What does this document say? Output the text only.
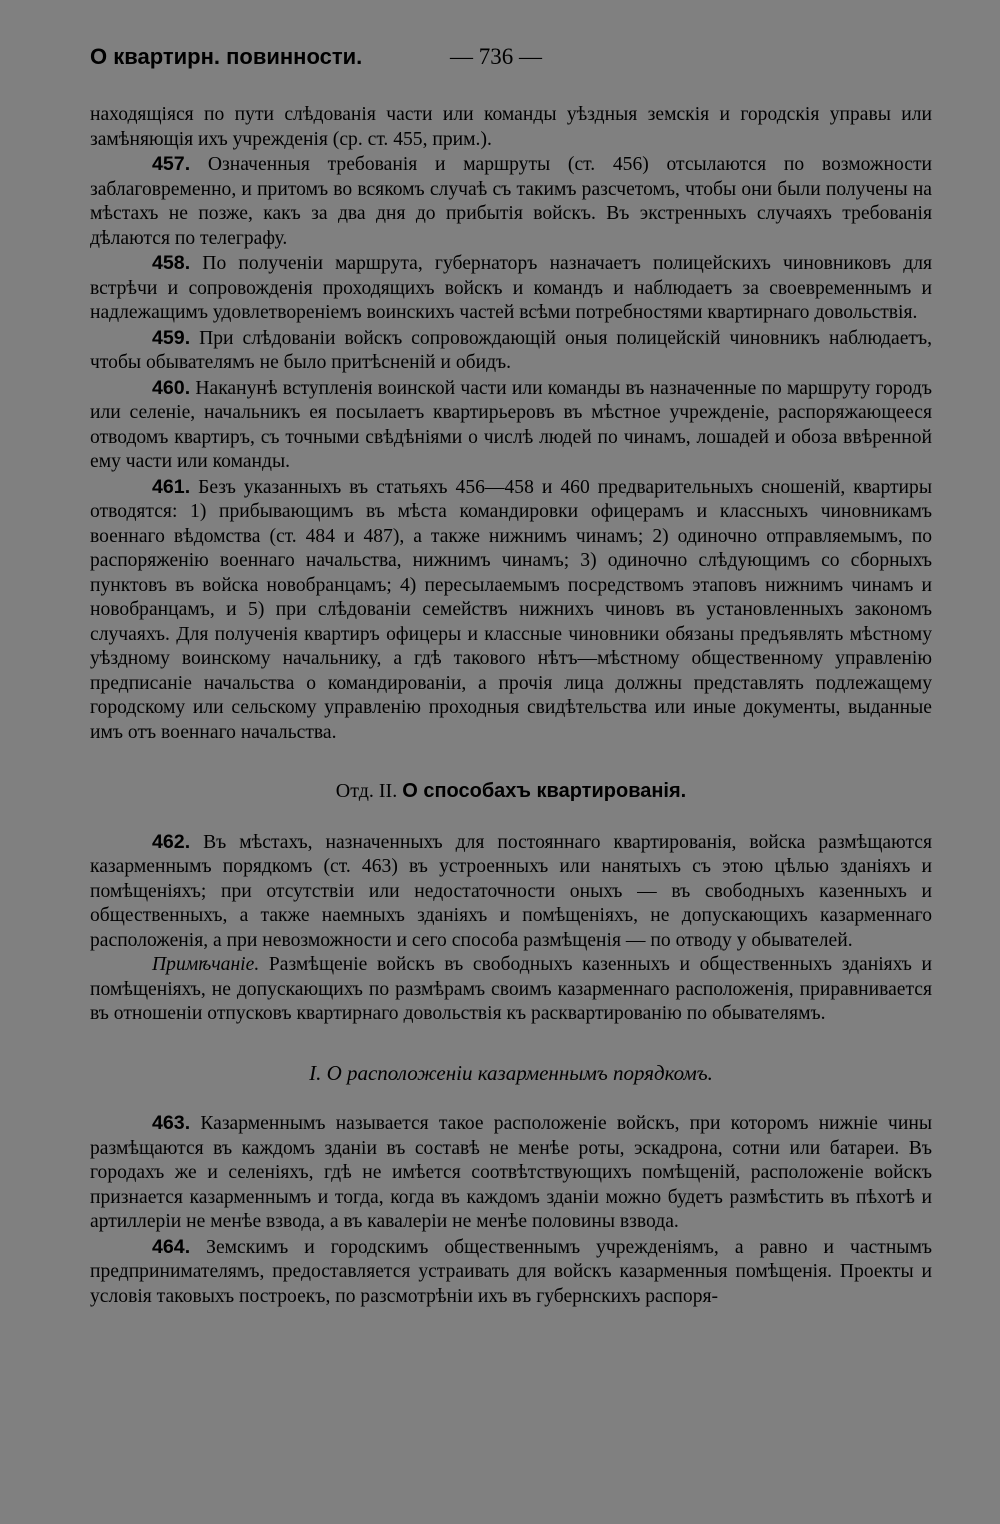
О квартирн. повинности.	— 736 —

находящіяся по пути слѣдованія части или команды уѣздныя земскія и городскія управы или замѣняющія ихъ учрежденія (ср. ст. 455, прим.).

457. Означенныя требованія и маршруты (ст. 456) отсылаются по возможности заблаговременно, и притомъ во всякомъ случаѣ съ такимъ разсчетомъ, чтобы они были получены на мѣстахъ не позже, какъ за два дня до прибытія войскъ. Въ экстренныхъ случаяхъ требованія дѣлаются по телеграфу.

458. По полученіи маршрута, губернаторъ назначаетъ полицейскихъ чиновниковъ для встрѣчи и сопровожденія проходящихъ войскъ и командъ и наблюдаетъ за своевременнымъ и надлежащимъ удовлетвореніемъ воинскихъ частей всѣми потребностями квартирнаго довольствія.

459. При слѣдованіи войскъ сопровождающій оныя полицейскій чиновникъ наблюдаетъ, чтобы обывателямъ не было притѣсненій и обидъ.

460. Наканунѣ вступленія воинской части или команды въ назначенные по маршруту городъ или селеніе, начальникъ ея посылаетъ квартирьеровъ въ мѣстное учрежденіе, распоряжающееся отводомъ квартиръ, съ точными свѣдѣніями о числѣ людей по чинамъ, лошадей и обоза ввѣренной ему части или команды.

461. Безъ указанныхъ въ статьяхъ 456—458 и 460 предварительныхъ сношеній, квартиры отводятся: 1) прибывающимъ въ мѣста командировки офицерамъ и классныхъ чиновникамъ военнаго вѣдомства (ст. 484 и 487), а также нижнимъ чинамъ; 2) одиночно отправляемымъ, по распоряженію военнаго начальства, нижнимъ чинамъ; 3) одиночно слѣдующимъ со сборныхъ пунктовъ въ войска новобранцамъ; 4) пересылаемымъ посредствомъ этаповъ нижнимъ чинамъ и новобранцамъ, и 5) при слѣдованіи семействъ нижнихъ чиновъ въ установленныхъ закономъ случаяхъ. Для полученія квартиръ офицеры и классные чиновники обязаны предъявлять мѣстному уѣздному воинскому начальнику, а гдѣ такового нѣтъ—мѣстному общественному управленію предписаніе начальства о командированіи, а прочія лица должны представлять подлежащему городскому или сельскому управленію проходныя свидѣтельства или иные документы, выданные имъ отъ военнаго начальства.

Отд. II. О способахъ квартированія.

462. Въ мѣстахъ, назначенныхъ для постояннаго квартированія, войска размѣщаются казарменнымъ порядкомъ (ст. 463) въ устроенныхъ или нанятыхъ съ этою цѣлью зданіяхъ и помѣщеніяхъ; при отсутствіи или недостаточности оныхъ — въ свободныхъ казенныхъ и общественныхъ, а также наемныхъ зданіяхъ и помѣщеніяхъ, не допускающихъ казарменнаго расположенія, а при невозможности и сего способа размѣщенія — по отводу у обывателей.

Примѣчаніе. Размѣщеніе войскъ въ свободныхъ казенныхъ и общественныхъ зданіяхъ и помѣщеніяхъ, не допускающихъ по размѣрамъ своимъ казарменнаго расположенія, приравнивается въ отношеніи отпусковъ квартирнаго довольствія къ расквартированію по обывателямъ.

I. О расположеніи казарменнымъ порядкомъ.

463. Казарменнымъ называется такое расположеніе войскъ, при которомъ нижніе чины размѣщаются въ каждомъ зданіи въ составѣ не менѣе роты, эскадрона, сотни или батареи. Въ городахъ же и селеніяхъ, гдѣ не имѣется соотвѣтствующихъ помѣщеній, расположеніе войскъ признается казарменнымъ и тогда, когда въ каждомъ зданіи можно будетъ размѣстить въ пѣхотѣ и артиллеріи не менѣе взвода, а въ кавалеріи не менѣе половины взвода.

464. Земскимъ и городскимъ общественнымъ учрежденіямъ, а равно и частнымъ предпринимателямъ, предоставляется устраивать для войскъ казарменныя помѣщенія. Проекты и условія таковыхъ построекъ, по разсмотрѣніи ихъ въ губернскихъ распоря-
